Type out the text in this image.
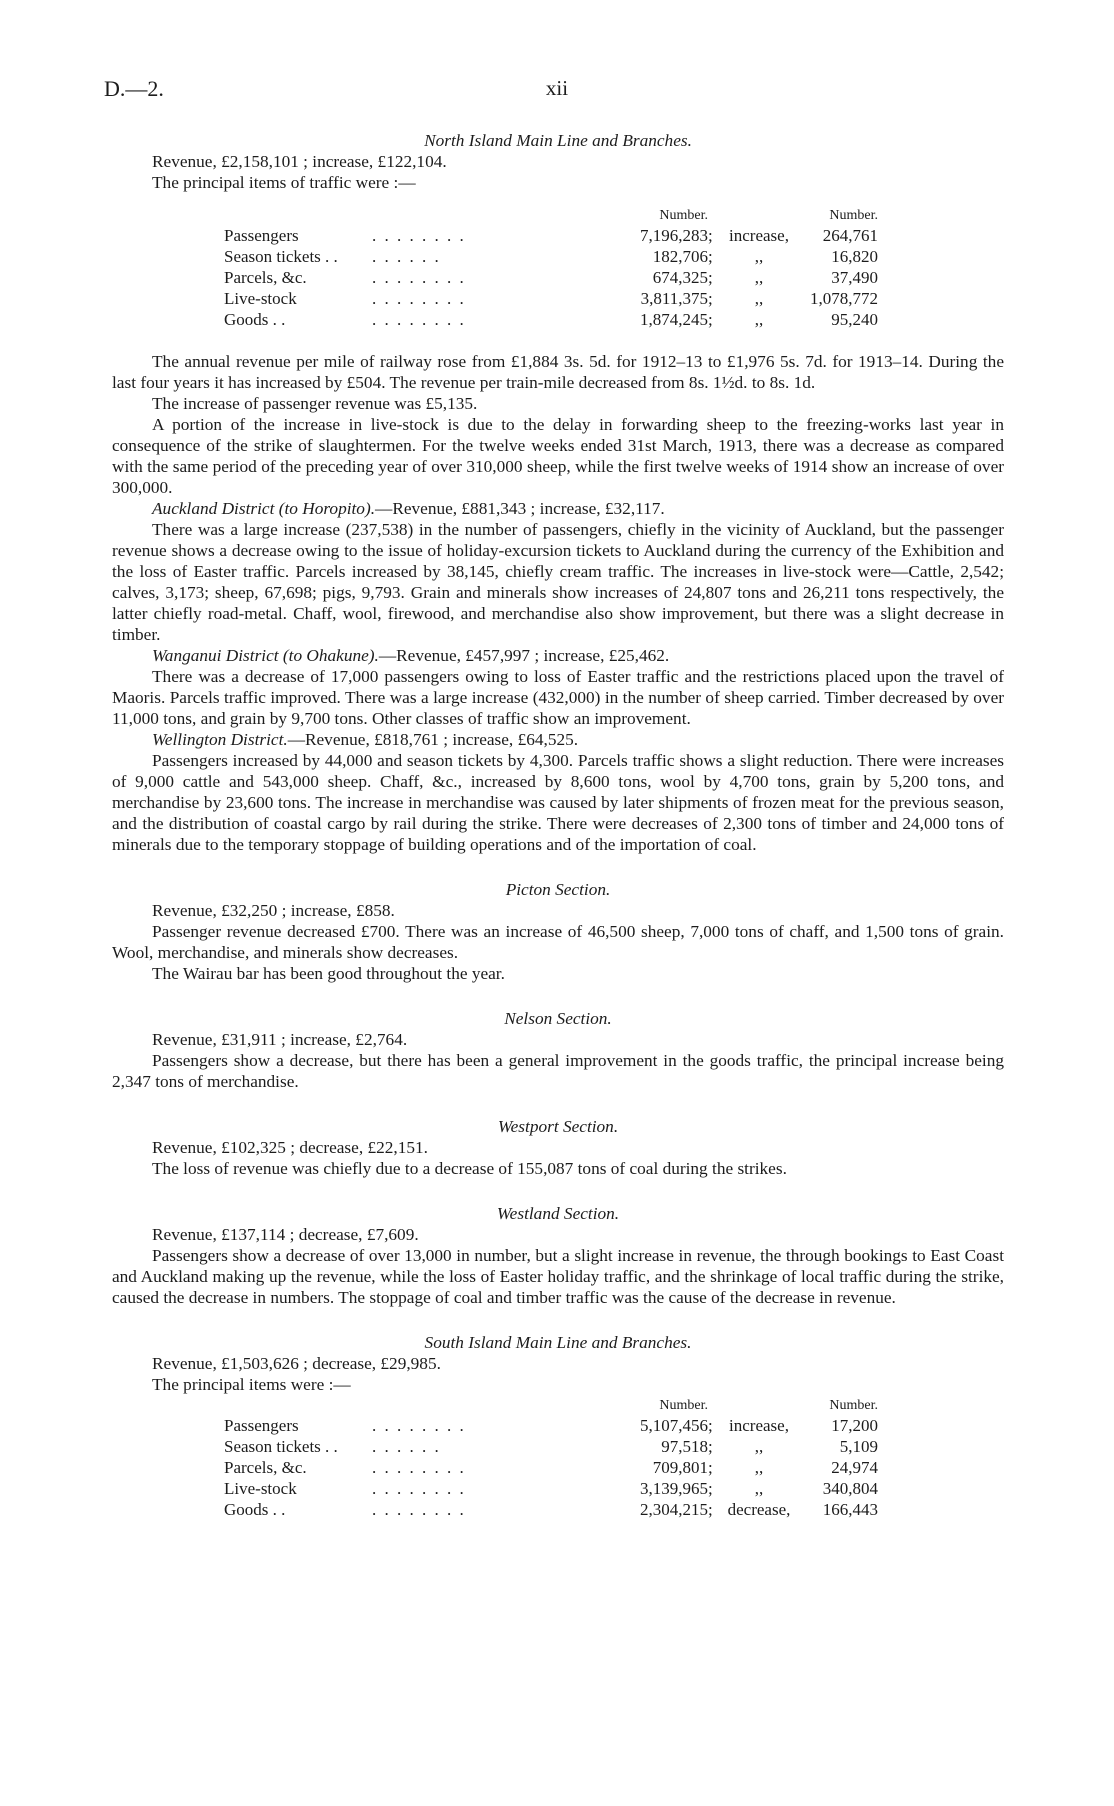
D.—2.	xii

North Island Main Line and Branches.

Revenue, £2,158,101 ; increase, £122,104.

The principal items of traffic were :—

		Number.			Number.
Passengers	. . . . . . . .	7,196,283	;	increase,	264,761
Season tickets . .	. . . . . .	182,706	;	,,	16,820
Parcels, &c.	. . . . . . . .	674,325	;	,,	37,490
Live-stock	. . . . . . . .	3,811,375	;	,,	1,078,772
Goods . .	. . . . . . . .	1,874,245	;	,,	95,240

The annual revenue per mile of railway rose from £1,884 3s. 5d. for 1912–13 to £1,976 5s. 7d. for 1913–14. During the last four years it has increased by £504. The revenue per train-mile decreased from 8s. 1½d. to 8s. 1d.

The increase of passenger revenue was £5,135.

A portion of the increase in live-stock is due to the delay in forwarding sheep to the freezing-works last year in consequence of the strike of slaughtermen. For the twelve weeks ended 31st March, 1913, there was a decrease as compared with the same period of the preceding year of over 310,000 sheep, while the first twelve weeks of 1914 show an increase of over 300,000.

Auckland District (to Horopito).—Revenue, £881,343 ; increase, £32,117.

There was a large increase (237,538) in the number of passengers, chiefly in the vicinity of Auckland, but the passenger revenue shows a decrease owing to the issue of holiday-excursion tickets to Auckland during the currency of the Exhibition and the loss of Easter traffic. Parcels increased by 38,145, chiefly cream traffic. The increases in live-stock were—Cattle, 2,542; calves, 3,173; sheep, 67,698; pigs, 9,793. Grain and minerals show increases of 24,807 tons and 26,211 tons respectively, the latter chiefly road-metal. Chaff, wool, firewood, and merchandise also show improvement, but there was a slight decrease in timber.

Wanganui District (to Ohakune).—Revenue, £457,997 ; increase, £25,462.

There was a decrease of 17,000 passengers owing to loss of Easter traffic and the restrictions placed upon the travel of Maoris. Parcels traffic improved. There was a large increase (432,000) in the number of sheep carried. Timber decreased by over 11,000 tons, and grain by 9,700 tons. Other classes of traffic show an improvement.

Wellington District.—Revenue, £818,761 ; increase, £64,525.

Passengers increased by 44,000 and season tickets by 4,300. Parcels traffic shows a slight reduction. There were increases of 9,000 cattle and 543,000 sheep. Chaff, &c., increased by 8,600 tons, wool by 4,700 tons, grain by 5,200 tons, and merchandise by 23,600 tons. The increase in merchandise was caused by later shipments of frozen meat for the previous season, and the distribution of coastal cargo by rail during the strike. There were decreases of 2,300 tons of timber and 24,000 tons of minerals due to the temporary stoppage of building operations and of the importation of coal.

Picton Section.

Revenue, £32,250 ; increase, £858.

Passenger revenue decreased £700. There was an increase of 46,500 sheep, 7,000 tons of chaff, and 1,500 tons of grain. Wool, merchandise, and minerals show decreases.

The Wairau bar has been good throughout the year.

Nelson Section.

Revenue, £31,911 ; increase, £2,764.

Passengers show a decrease, but there has been a general improvement in the goods traffic, the principal increase being 2,347 tons of merchandise.

Westport Section.

Revenue, £102,325 ; decrease, £22,151.

The loss of revenue was chiefly due to a decrease of 155,087 tons of coal during the strikes.

Westland Section.

Revenue, £137,114 ; decrease, £7,609.

Passengers show a decrease of over 13,000 in number, but a slight increase in revenue, the through bookings to East Coast and Auckland making up the revenue, while the loss of Easter holiday traffic, and the shrinkage of local traffic during the strike, caused the decrease in numbers. The stoppage of coal and timber traffic was the cause of the decrease in revenue.

South Island Main Line and Branches.

Revenue, £1,503,626 ; decrease, £29,985.

The principal items were :—

		Number.			Number.
Passengers	. . . . . . . .	5,107,456	;	increase,	17,200
Season tickets . .	. . . . . .	97,518	;	,,	5,109
Parcels, &c.	. . . . . . . .	709,801	;	,,	24,974
Live-stock	. . . . . . . .	3,139,965	;	,,	340,804
Goods . .	. . . . . . . .	2,304,215	;	decrease,	166,443
